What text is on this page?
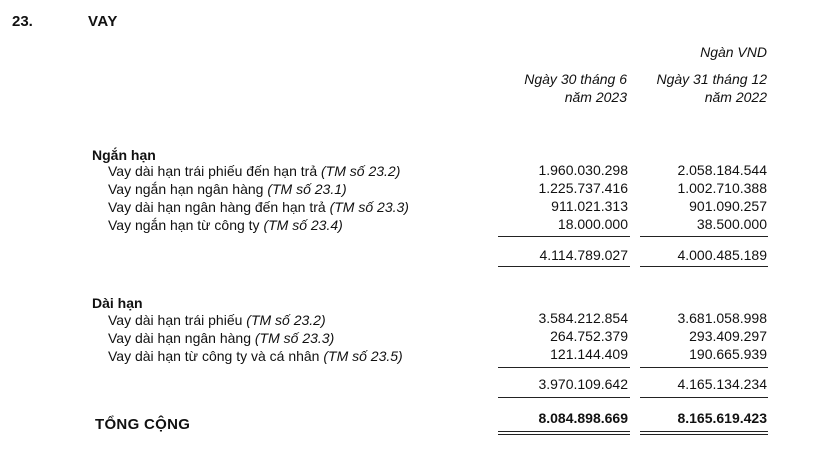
23.	VAY
Ngàn VND
Ngày 30 tháng 6
năm 2023
Ngày 31 tháng 12
năm 2022
Ngắn hạn
Vay dài hạn trái phiếu đến hạn trả (TM số 23.2)	1.960.030.298	2.058.184.544
Vay ngắn hạn ngân hàng (TM số 23.1)	1.225.737.416	1.002.710.388
Vay dài hạn ngân hàng đến hạn trả (TM số 23.3)	911.021.313	901.090.257
Vay ngắn hạn từ công ty (TM số 23.4)	18.000.000	38.500.000
4.114.789.027	4.000.485.189
Dài hạn
Vay dài hạn trái phiếu (TM số 23.2)	3.584.212.854	3.681.058.998
Vay dài hạn ngân hàng (TM số 23.3)	264.752.379	293.409.297
Vay dài hạn từ công ty và cá nhân (TM số 23.5)	121.144.409	190.665.939
3.970.109.642	4.165.134.234
TỔNG CỘNG	8.084.898.669	8.165.619.423
